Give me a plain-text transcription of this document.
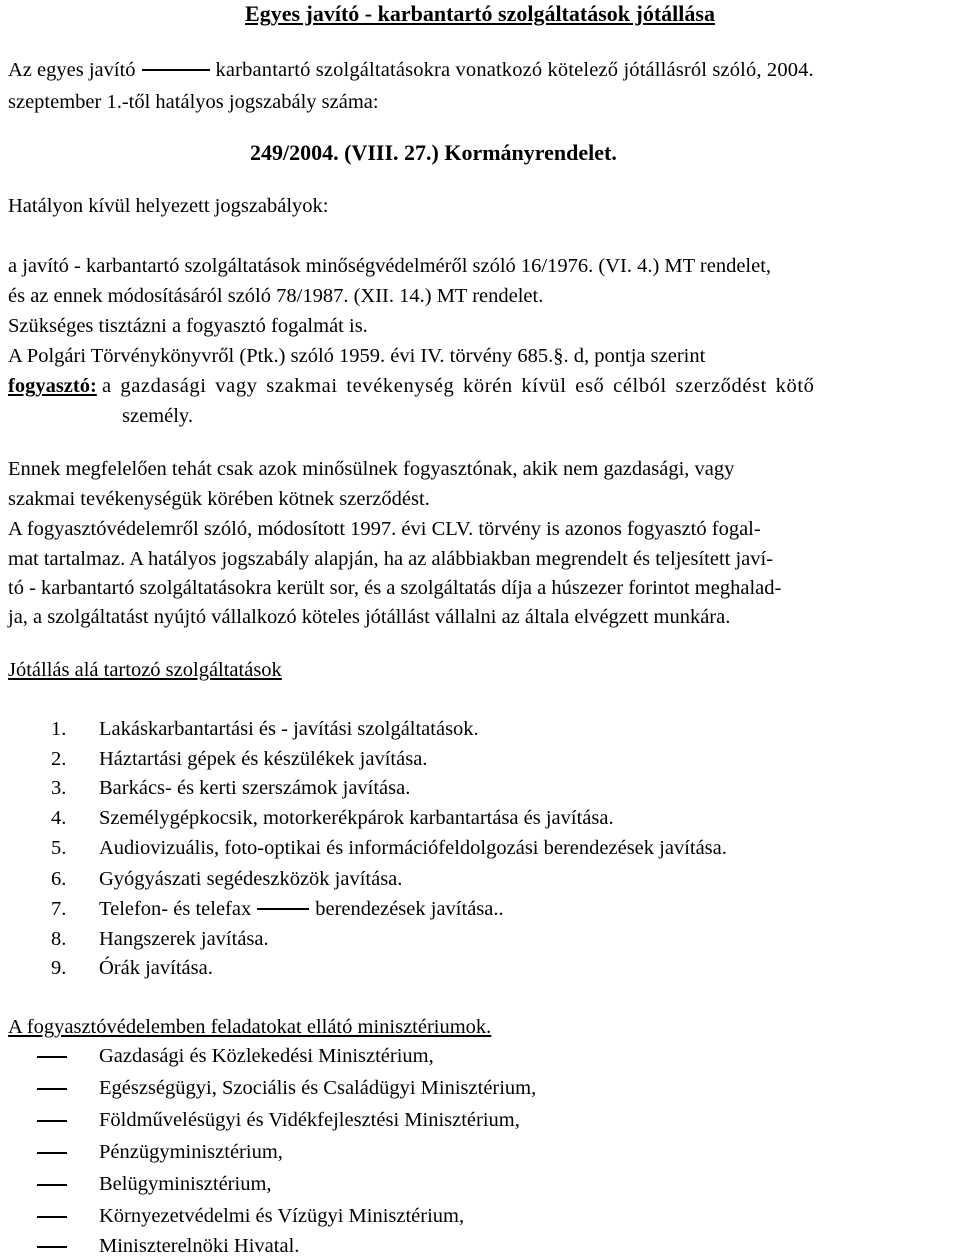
Egyes javító - karbantartó szolgáltatások jótállása
Az egyes javító	karbantartó szolgáltatásokra vonatkozó kötelező jótállásról szóló, 2004.
szeptember 1.-től hatályos jogszabály száma:
249/2004. (VIII. 27.) Kormányrendelet.
Hatályon kívül helyezett jogszabályok:
a javító - karbantartó szolgáltatások minőségvédelméről szóló 16/1976. (VI. 4.) MT rendelet,
és az ennek módosításáról szóló 78/1987. (XII. 14.) MT rendelet.
Szükséges tisztázni a fogyasztó fogalmát is.
A Polgári Törvénykönyvről (Ptk.) szóló 1959. évi IV. törvény 685.§. d, pontja szerint
fogyasztó: a gazdasági vagy szakmai tevékenység körén kívül eső célból szerződést kötő
személy.
Ennek megfelelően tehát csak azok minősülnek fogyasztónak, akik nem gazdasági, vagy
szakmai tevékenységük körében kötnek szerződést.
A fogyasztóvédelemről szóló, módosított 1997. évi CLV. törvény is azonos fogyasztó fogal-
mat tartalmaz. A hatályos jogszabály alapján, ha az alábbiakban megrendelt és teljesített javí-
tó - karbantartó szolgáltatásokra került sor, és a szolgáltatás díja a húszezer forintot meghalad-
ja, a szolgáltatást nyújtó vállalkozó köteles jótállást vállalni az általa elvégzett munkára.
Jótállás alá tartozó szolgáltatások
1. Lakáskarbantartási és - javítási szolgáltatások.
2. Háztartási gépek és készülékek javítása.
3. Barkács- és kerti szerszámok javítása.
4. Személygépkocsik, motorkerékpárok karbantartása és javítása.
5. Audiovizuális, foto-optikai és információfeldolgozási berendezések javítása.
6. Gyógyászati segédeszközök javítása.
7. Telefon- és telefax	berendezések javítása..
8. Hangszerek javítása.
9. Órák javítása.
A fogyasztóvédelemben feladatokat ellátó minisztériumok.
Gazdasági és Közlekedési Minisztérium,
Egészségügyi, Szociális és Családügyi Minisztérium,
Földművelésügyi és Vidékfejlesztési Minisztérium,
Pénzügyminisztérium,
Belügyminisztérium,
Környezetvédelmi és Vízügyi Minisztérium,
Miniszterelnöki Hivatal.
